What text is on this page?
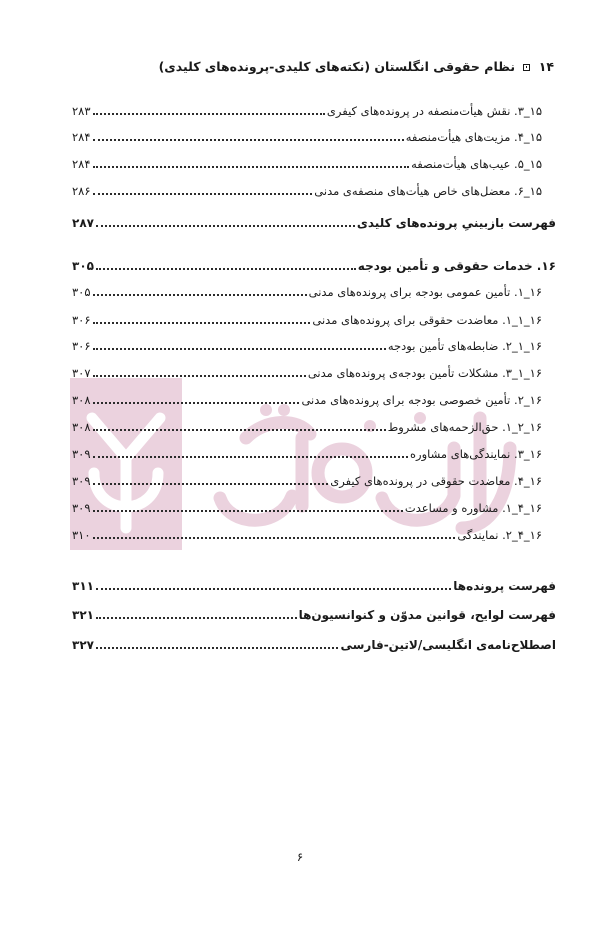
۱۴  نظام حقوقی انگلستان (نکته‌های کلیدی-پرونده‌های کلیدی)
۱۵_۳. نقش هیأت‌منصفه در پرونده‌های کیفری
۲۸۳
۱۵_۴. مزیت‌های هیأت‌منصفه
۲۸۴
۱۵_۵. عیب‌های هیأت‌منصفه
۲۸۴
۱۵_۶. معضل‌های خاص هیأت‌های منصفه‌ی مدنی
۲۸۶
فهرست بازبینیِ پرونده‌های کلیدی
۲۸۷
۱۶. خدمات حقوقی و تأمین بودجه
۳۰۵
۱۶_۱. تأمین عمومی بودجه برای پرونده‌های مدنی
۳۰۵
۱۶_۱_۱. معاضدت حقوقی برای پرونده‌های مدنی
۳۰۶
۱۶_۱_۲. ضابطه‌های تأمین بودجه
۳۰۶
۱۶_۱_۳. مشکلات تأمین بودجه‌ی پرونده‌های مدنی
۳۰۷
۱۶_۲. تأمین خصوصی بودجه برای پرونده‌های مدنی
۳۰۸
۱۶_۲_۱. حق‌الزحمه‌های مشروط
۳۰۸
۱۶_۳. نمایندگی‌های مشاوره
۳۰۹
۱۶_۴. معاضدت حقوقی در پرونده‌های کیفری
۳۰۹
۱۶_۴_۱. مشاوره و مساعدت
۳۰۹
۱۶_۴_۲. نمایندگی
۳۱۰
فهرست پرونده‌ها
۳۱۱
فهرست لوایح، قوانین مدوّن و کنوانسیون‌ها
۳۲۱
اصطلاح‌نامه‌ی انگلیسی/لاتین-فارسی
۳۲۷
۶
